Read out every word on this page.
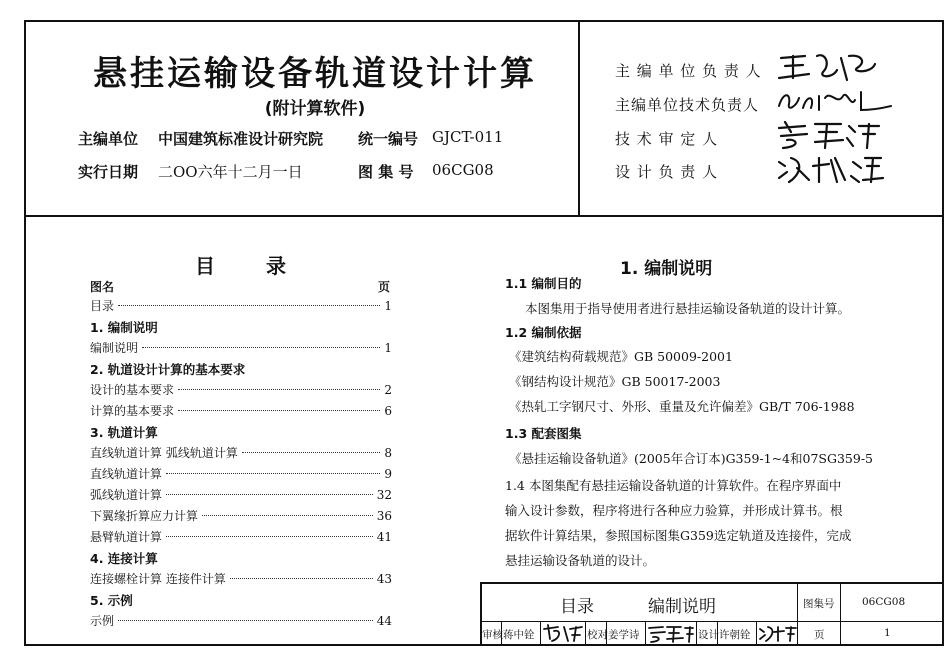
悬挂运输设备轨道设计计算
(附计算软件)
主编单位 中国建筑标准设计研究院 统一编号 GJCT-011
实行日期 二OO六年十二月一日	图 集 号 06CG08
主 编 单 位 负 责 人
主编单位技术负责人
技 术 审 定 人
设 计 负 责 人
目 录
图名	页
目录	1
1. 编制说明
编制说明	1
2. 轨道设计计算的基本要求
设计的基本要求	2
计算的基本要求	6
3. 轨道计算
直线轨道计算 弧线轨道计算	8
直线轨道计算	9
弧线轨道计算	32
下翼缘折算应力计算	36
悬臂轨道计算	41
4. 连接计算
连接螺栓计算 连接件计算	43
5. 示例
示例	44
1. 编制说明
1.1 编制目的
本图集用于指导使用者进行悬挂运输设备轨道的设计计算。
1.2 编制依据
《钢结构设计规范》GB 50017-2003
《建筑结构荷载规范》GB 50009-2001
《热轧工字钢尺寸、外形、重量及允许偏差》GB/T 706-1988
1.3 配套图集
《悬挂运输设备轨道》(2005年合订本)G359-1~4和07SG359-5
1.4 本图集配有悬挂运输设备轨道的计算软件。在程序界面中
输入设计参数，程序将进行各种应力验算，并形成计算书。根
据软件计算结果，参照国标图集G359选定轨道及连接件，完成
悬挂运输设备轨道的设计。
目录	编制说明	图集号	06CG08
页	1
审核 蒋中铨	校对 姜学诗	设计 许朝铨
